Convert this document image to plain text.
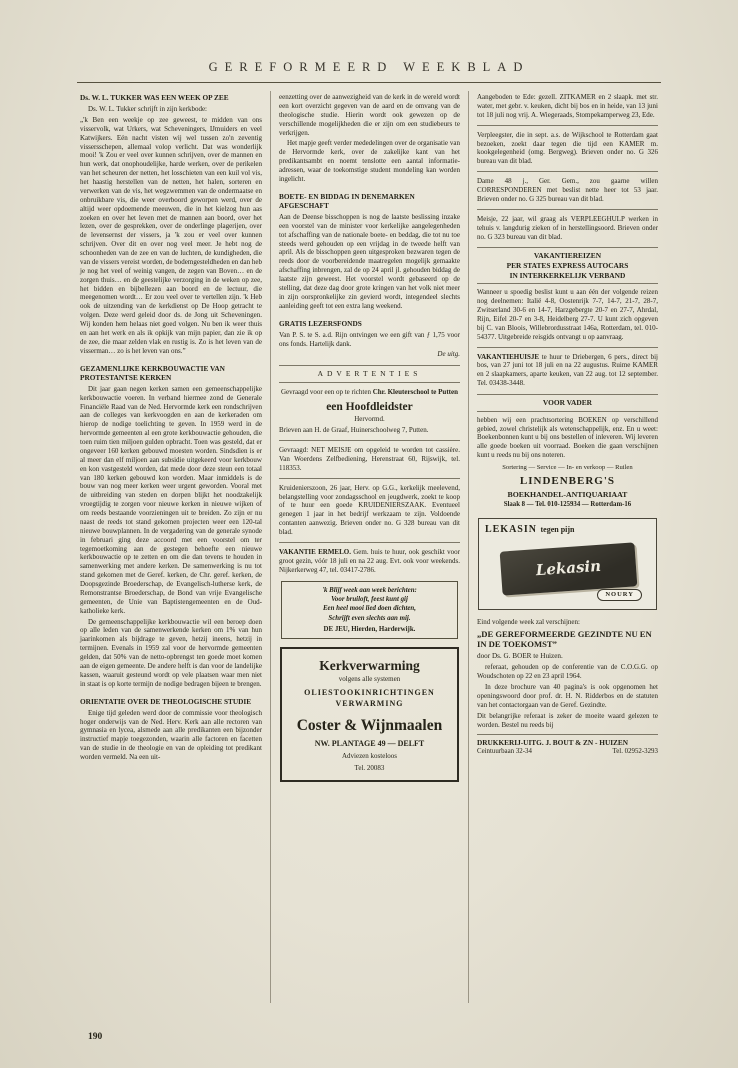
GEREFORMEERD WEEKBLAD
Ds. W. L. TUKKER WAS EEN WEEK OP ZEE

Ds. W. L. Tukker schrijft in zijn kerkbode:

„'k Ben een weekje op zee geweest, te midden van ons visservolk, wat Urkers, wat Scheveningers, IJmuiders en veel Katwijkers. Eén nacht visten wij wel tussen zo'n zeventig vissersschepen, allemaal volop verlicht. Dat was wonderlijk mooi! 'k Zou er veel over kunnen schrijven, over de mannen en hun werk, dat onophoudelijke, harde werken, over de perikelen van het scheuren der netten, het losschieten van een kuil vol vis, het haastig herstellen van de netten, het halen, sorteren en verwerken van de vis, het wegzwemmen van de ondermaatse en onbruikbare vis, die weer overboord geworpen werd, over de altijd weer opdoemende meeuwen, die in het kielzog hun aas zoeken en over het leven met de mannen aan boord, over het lezen, over de gesprekken, over de onderlinge plagerijen, over de levensernst der vissers, ja 'k zou er veel over kunnen schrijven. Over dit en over nog veel meer. Je hebt nog de schoonheden van de zee en van de luchten, de kundigheden, die van de vissers vereist worden, de bodemgesteldheden en dan heb je nog het veel of weinig vangen, de zegen van Boven… en de zorgen thuis… en de geestelijke verzorging in de weken op zee, het bidden en bijbellezen aan boord en de lectuur, die meegenomen wordt… Er zou veel over te vertellen zijn. 'k Heb ook de uitzending van de kerkdienst op De Hoop getracht te volgen. Deze werd geleid door ds. de Jong uit Scheveningen. Wij konden hem helaas niet goed volgen. Nu ben ik weer thuis en aan het werk en als ik opkijk van mijn papier, dan zie ik op de zee, die maar zelden vlak en rustig is. Zo is het leven van de visserman… zo is het leven van ons.”

GEZAMENLIJKE KERKBOUWACTIE VAN PROTESTANTSE KERKEN

Dit jaar gaan negen kerken samen een gemeenschappelijke kerkbouwactie voeren. In verband hiermee zond de Generale Financiële Raad van de Ned. Hervormde kerk een rondschrijven aan de colleges van kerkvoogden en aan de kerkeraden om hierop de nodige toelichting te geven. In 1959 werd in de hervormde gemeenten al een grote kerkbouwactie gehouden, die toen ruim tien miljoen gulden opbracht. Toen was gesteld, dat er ongeveer 160 kerken gebouwd moesten worden. Sindsdien is er al meer dan elf miljoen aan subsidie uitgekeerd voor kerkbouw en kon vastgesteld worden, dat mede door deze steun een totaal van 180 kerken gebouwd kon worden. Maar inmiddels is de bouw van nog meer kerken weer urgent geworden. Vooral met de uitbreiding van steden en dorpen blijkt het noodzakelijk vroegtijdig te zorgen voor nieuwe kerken in nieuwe wijken of om reeds bestaande voorzieningen uit te breiden. Zo zijn er nu naast de reeds tot stand gekomen projecten weer een 120-tal nieuwe bouwplannen. In de vergadering van de generale synode in februari ging deze accoord met een voorstel om ter tegemoetkoming aan de gestegen behoefte een nieuwe kerkbouwactie op te zetten en om die dan tevens te houden in samenwerking met andere kerken. De samenwerking is nu tot stand gekomen met de Geref. kerken, de Chr. geref. kerken, de Doopsgezinde Broederschap, de Evangelisch-lutherse kerk, de Remonstrantse Broederschap, de Bond van vrije Evangelische gemeenten, de Unie van Baptistengemeenten en de Oud-katholieke kerk.

De gemeenschappelijke kerkbouwactie wil een beroep doen op alle leden van de samenwerkende kerken om 1% van hun jaarinkomen als bijdrage te geven, hetzij ineens, hetzij in termijnen. Evenals in 1959 zal voor de hervormde gemeenten gelden, dat 50% van de netto-opbrengst ten goede moet komen aan de eigen gemeente. De andere helft is dan voor de landelijke kassen, waaruit gesteund wordt op vele plaatsen waar men niet in staat is op korte termijn de nodige bedragen bijeen te brengen.

ORIENTATIE OVER DE THEOLOGISCHE STUDIE

Enige tijd geleden werd door de commissie voor theologisch hoger onderwijs van de Ned. Herv. Kerk aan alle rectoren van gymnasia en lycea, alsmede aan alle predikanten een bijzonder instructief mapje toegezonden, waarin alle factoren en facetten van de studie in de theologie en van de opleiding tot predikant worden vermeld. Na een uit-

eenzetting over de aanwezigheid van de kerk in de wereld wordt een kort overzicht gegeven van de aard en de omvang van de theologische studie. Hierin wordt ook gewezen op de verschillende mogelijkheden die er zijn om een studiebeurs te verkrijgen.

Het mapje geeft verder mededelingen over de organisatie van de Hervormde kerk, over de zakelijke kant van het predikantsambt en noemt tenslotte een aantal informatie-adressen, waar de toekomstige student mondeling kan worden ingelicht.

BOETE- EN BIDDAG IN DENEMARKEN AFGESCHAFT

Aan de Deense bisschoppen is nog de laatste beslissing inzake een voorstel van de minister voor kerkelijke aangelegenheden tot afschaffing van de nationale boete- en beddag, die tot nu toe steeds werd gehouden op een vrijdag in de tweede helft van april. Als de bisschoppen geen uitgesproken bezwaren tegen de reeds door de voorbereidende maatregelen mogelijk gemaakte afschaffing inbrengen, zal de op 24 april jl. gehouden biddag de laatste zijn geweest. Het voorstel wordt gebaseerd op de stelling, dat deze dag door grote kringen van het volk niet meer in zijn oorspronkelijke zin gevierd wordt, integendeel slechts aanleiding geeft tot een extra lang weekend.

GRATIS LEZERSFONDS

Van P. S. te S. a.d. Rijn ontvingen we een gift van ƒ 1,75 voor ons fonds. Hartelijk dank.

De uitg.
ADVERTENTIES

Gevraagd voor een op te richten Chr. Kleuterschool te Putten

een Hoofdleidster

Hervormd.

Brieven aan H. de Graaf, Huinerschoolweg 7, Putten.

Gevraagd: NET MEISJE om opgeleid te worden tot cassière. Van Woerdens Zelfbediening, Herenstraat 60, Rijswijk, tel. 118353.

Kruidenierszoon, 26 jaar, Herv. op G.G., kerkelijk meelevend, belangstelling voor zondagsschool en jeugdwerk, zoekt te koop of te huur een goede KRUIDENIERSZAAK. Eventueel genegen 1 jaar in het bedrijf werkzaam te zijn. Voldoende contanten aanwezig. Brieven onder no. G 328 bureau van dit blad.

VAKANTIE ERMELO. Gem. huis te huur, ook geschikt voor groot gezin, vóór 18 juli en na 22 aug. Evt. ook voor weekends. Nijkerkerweg 47, tel. 03417-2786.

'k Blijf week aan week berichten:
Voor bruiloft, feest kunt gij
Een heel mooi lied doen dichten,
Schrijft even slechts aan mij.
DE JEU, Hierden, Harderwijk.
Kerkverwarming
volgens alle systemen
OLIESTOOKINRICHTINGEN
VERWARMING
Coster & Wijnmaalen
NW. PLANTAGE 49 — DELFT
Adviezen kosteloos
Tel. 20083

Aangeboden te Ede: gezell. ZITKAMER en 2 slaapk. met str. water, met gebr. v. keuken, dicht bij bos en in heide, van 13 juni tot 18 juli nog vrij. A. Wiegeraads, Stompekamperweg 23, Ede.

Verpleegster, die in sept. a.s. de Wijkschool te Rotterdam gaat bezoeken, zoekt daar tegen die tijd een KAMER m. kookgelegenheid (omg. Bergweg). Brieven onder no. G 326 bureau van dit blad.

Dame 48 j., Ger. Gem., zou gaarne willen CORRESPONDEREN met beslist nette heer tot 53 jaar. Brieven onder no. G 325 bureau van dit blad.

Meisje, 22 jaar, wil graag als VERPLEEGHULP werken in tehuis v. langdurig zieken of in herstellingsoord. Brieven onder no. G 323 bureau van dit blad.

VAKANTIEREIZEN
PER STATES EXPRESS AUTOCARS
IN INTERKERKELIJK VERBAND

Wanneer u spoedig beslist kunt u aan één der volgende reizen nog deelnemen: Italië 4-8, Oostenrijk 7-7, 14-7, 21-7, 28-7, Zwitserland 30-6 en 14-7, Harzgebergte 20-7 en 27-7, Ahrdal, Rijn, Eifel 20-7 en 3-8, Heidelberg 27-7. U kunt zich opgeven bij C. van Bloois, Willebrordusstraat 146a, Rotterdam, tel. 010-54377. Uitgebreide reisgids ontvangt u op aanvraag.

VAKANTIEHUISJE te huur te Driebergen, 6 pers., direct bij bos, van 27 juni tot 18 juli en na 22 augustus. Ruime KAMER en 2 slaapkamers, aparte keuken, van 22 aug. tot 12 september. Tel. 03438-3448.

VOOR VADER

hebben wij een prachtsortering BOEKEN op verschillend gebied, zowel christelijk als wetenschappelijk, enz. En u weet: Boekenbonnen kunt u bij ons bestellen of inleveren. Wij leveren alle goede boeken uit voorraad. Boeken die gaan verschijnen kunt u reeds nu bij ons noteren.

Sortering — Service — In- en verkoop — Ruilen
LINDENBERG'S
BOEKHANDEL-ANTIQUARIAAT
Slaak 8 — Tel. 010-125934 — Rotterdam-16
LEKASIN tegen pijn
Lekasin
NOURY

Eind volgende week zal verschijnen:

„DE GEREFORMEERDE GEZINDTE NU EN IN DE TOEKOMST”

door Ds. G. BOER te Huizen.

referaat, gehouden op de conferentie van de C.O.G.G. op Woudschoten op 22 en 23 april 1964.

In deze brochure van 40 pagina's is ook opgenomen het openingswoord door prof. dr. H. N. Ridderbos en de statuten van het contactorgaan van de Geref. Gezindte.

Dit belangrijke referaat is zeker de moeite waard gelezen te worden. Bestel nu reeds bij

DRUKKERIJ-UITG. J. BOUT & ZN - HUIZEN
Ceintuurbaan 32-34	Tel. 02952-3293
190
